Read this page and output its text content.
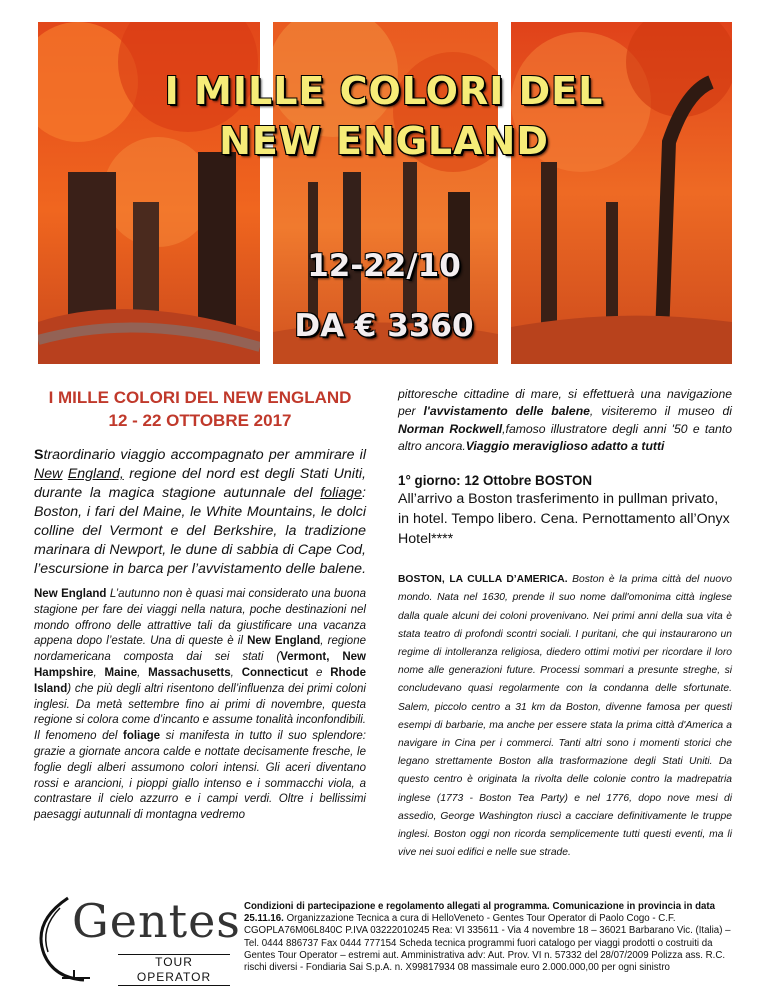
I MILLE COLORI DEL
NEW ENGLAND
12-22/10
DA € 3360
I MILLE COLORI DEL NEW ENGLAND
12 - 22 OTTOBRE 2017

Straordinario viaggio accompagnato per ammirare il New England, regione del nord est degli Stati Uniti, durante la magica stagione autunnale del foliage: Boston, i fari del Maine, le White Mountains, le dolci colline del Vermont e del Berkshire, la tradizione marinara di Newport, le dune di sabbia di Cape Cod, l’escursione in barca per l’avvistamento delle balene.

New England L’autunno non è quasi mai considerato una buona stagione per fare dei viaggi nella natura, poche destinazioni nel mondo offrono delle attrattive tali da giustificare una vacanza appena dopo l’estate. Una di queste è il New England, regione nordamericana composta dai sei stati (Vermont, New Hampshire, Maine, Massachusetts, Connecticut e Rhode Island) che più degli altri risentono dell’influenza dei primi coloni inglesi. Da metà settembre fino ai primi di novembre, questa regione si colora come d’incanto e assume tonalità inconfondibili. Il fenomeno del foliage si manifesta in tutto il suo splendore: grazie a giornate ancora calde e nottate decisamente fresche, le foglie degli alberi assumono colori intensi. Gli aceri diventano rossi e arancioni, i pioppi giallo intenso e i sommacchi viola, a contrastare il cielo azzurro e i campi verdi. Oltre i bellissimi paesaggi autunnali di montagna vedremo

pittoresche cittadine di mare, si effettuerà una navigazione per l'avvistamento delle balene, visiteremo il museo di Norman Rockwell,famoso illustratore degli anni '50 e tanto altro ancora.Viaggio meraviglioso adatto a tutti

1° giorno: 12 Ottobre BOSTON

All’arrivo a Boston trasferimento in pullman privato, in hotel. Tempo libero. Cena. Pernottamento all’Onyx Hotel****

BOSTON, LA CULLA D’AMERICA. Boston è la prima città del nuovo mondo. Nata nel 1630, prende il suo nome dall'omonima città inglese dalla quale alcuni dei coloni provenivano. Nei primi anni della sua vita è stata teatro di profondi scontri sociali. I puritani, che qui instaurarono un regime di intolleranza religiosa, diedero ottimi motivi per ricordare il loro nome alle generazioni future. Processi sommari a presunte streghe, si concludevano quasi regolarmente con la condanna delle sfortunate. Salem, piccolo centro a 31 km da Boston, divenne famosa per questi esempi di barbarie, ma anche per essere stata la prima città d'America a navigare in Cina per i commerci. Tanti altri sono i momenti storici che legano strettamente Boston alla trasformazione degli Stati Uniti. Da questo centro è originata la rivolta delle colonie contro la madrepatria inglese (1773 - Boston Tea Party) e nel 1776, dopo nove mesi di assedio, George Washington riuscì a cacciare definitivamente le truppe inglesi. Boston oggi non ricorda semplicemente tutti questi eventi, ma li vive nei suoi edifici e nelle sue strade.

Gentes
TOUR OPERATOR
Condizioni di partecipazione e regolamento allegati al programma. Comunicazione in provincia in data 25.11.16. Organizzazione Tecnica a cura di HelloVeneto - Gentes Tour Operator di Paolo Cogo - C.F. CGOPLA76M06L840C P.IVA 03222010245 Rea: VI 335611 - Via 4 novembre 18 – 36021 Barbarano Vic. (Italia) – Tel. 0444 886737 Fax 0444 777154 Scheda tecnica programmi fuori catalogo per viaggi prodotti o costruiti da Gentes Tour Operator – estremi aut. Amministrativa adv: Aut. Prov. VI n. 57332 del 28/07/2009 Polizza ass. R.C. rischi diversi - Fondiaria Sai S.p.A. n. X99817934 08 massimale euro 2.000.000,00 per ogni sinistro
